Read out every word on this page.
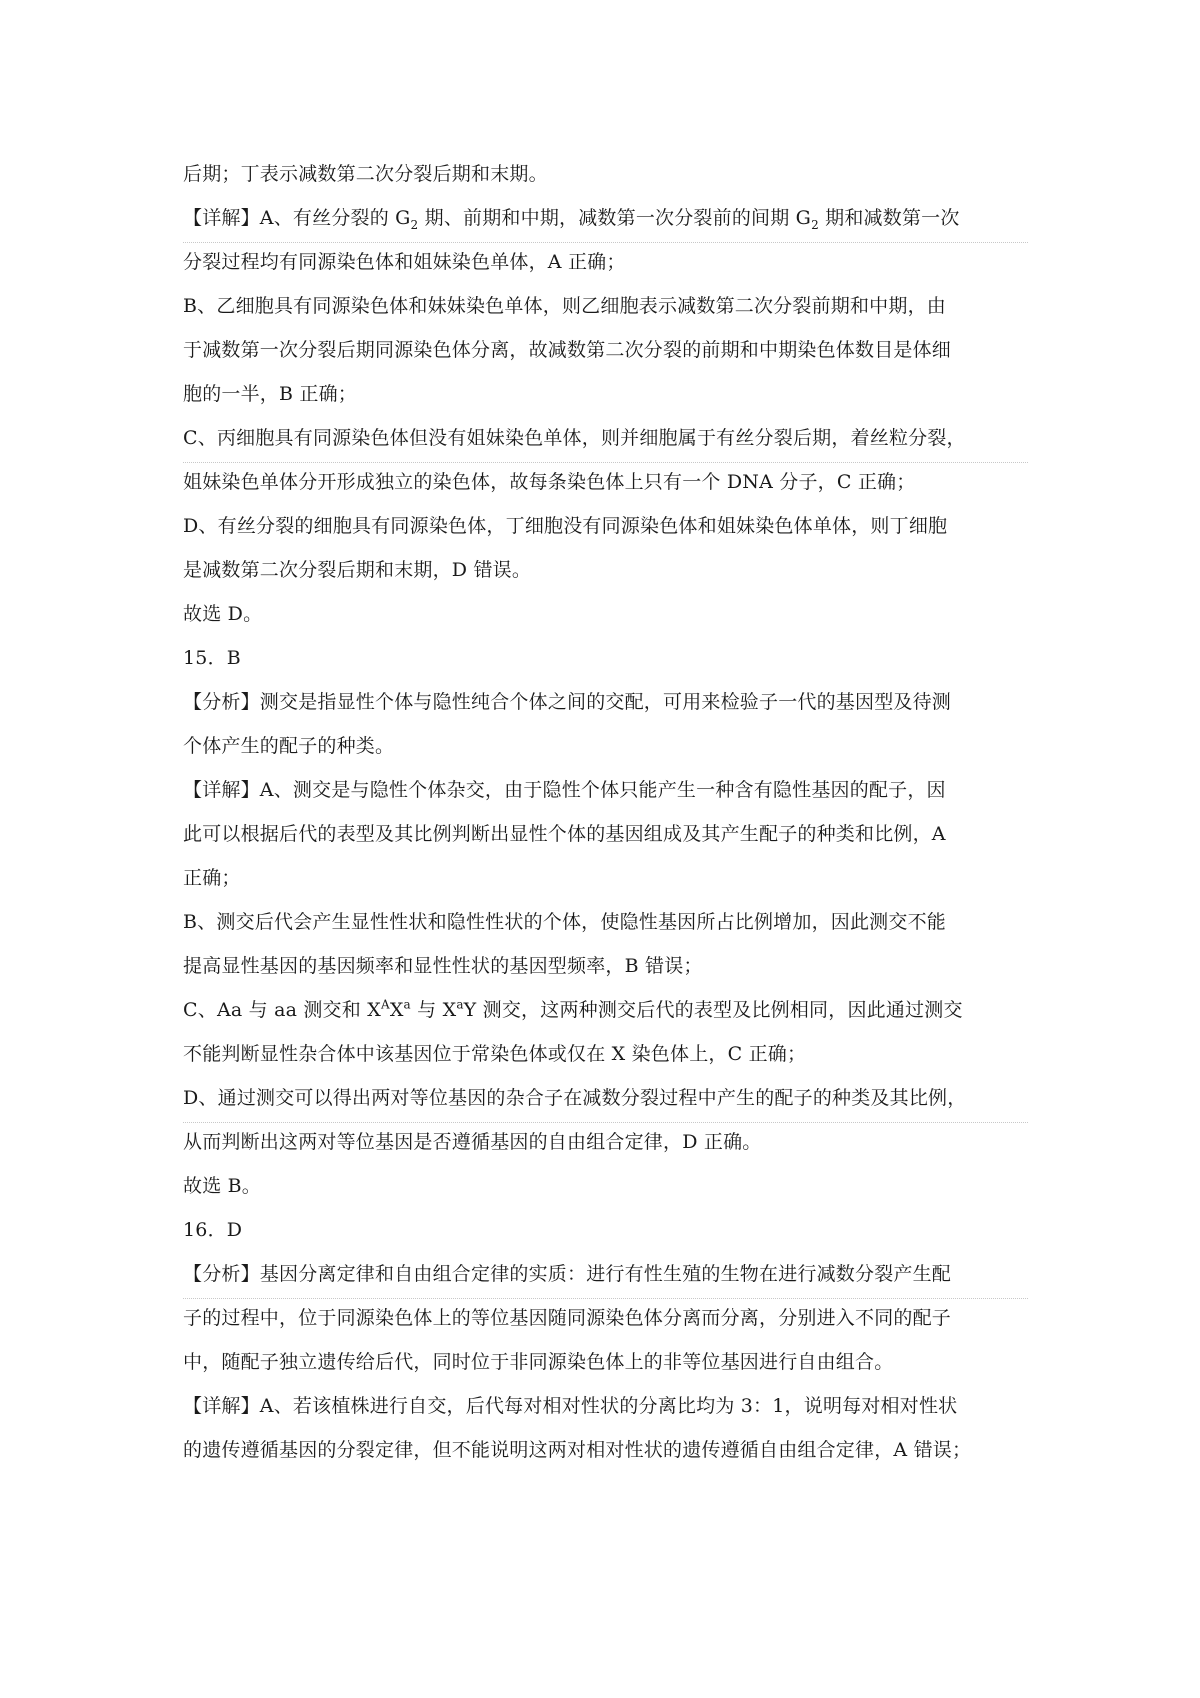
后期；丁表示减数第二次分裂后期和末期。
【详解】A、有丝分裂的 $G_2$ 期、前期和中期，减数第一次分裂前的间期 $G_2$ 期和减数第一次
分裂过程均有同源染色体和姐妹染色单体，A 正确；
B、乙细胞具有同源染色体和妹妹染色单体，则乙细胞表示减数第二次分裂前期和中期，由
于减数第一次分裂后期同源染色体分离，故减数第二次分裂的前期和中期染色体数目是体细
胞的一半，B 正确；
C、丙细胞具有同源染色体但没有姐妹染色单体，则并细胞属于有丝分裂后期，着丝粒分裂，
姐妹染色单体分开形成独立的染色体，故每条染色体上只有一个 DNA 分子，C 正确；
D、有丝分裂的细胞具有同源染色体，丁细胞没有同源染色体和姐妹染色体单体，则丁细胞
是减数第二次分裂后期和末期，D 错误。
故选 D。
15．B
【分析】测交是指显性个体与隐性纯合个体之间的交配，可用来检验子一代的基因型及待测
个体产生的配子的种类。
【详解】A、测交是与隐性个体杂交，由于隐性个体只能产生一种含有隐性基因的配子，因
此可以根据后代的表型及其比例判断出显性个体的基因组成及其产生配子的种类和比例，A
正确；
B、测交后代会产生显性性状和隐性性状的个体，使隐性基因所占比例增加，因此测交不能
提高显性基因的基因频率和显性性状的基因型频率，B 错误；
C、Aa 与 aa 测交和 $X^AX^a$ 与 $X^aY$ 测交，这两种测交后代的表型及比例相同，因此通过测交
不能判断显性杂合体中该基因位于常染色体或仅在 X 染色体上，C 正确；
D、通过测交可以得出两对等位基因的杂合子在减数分裂过程中产生的配子的种类及其比例，
从而判断出这两对等位基因是否遵循基因的自由组合定律，D 正确。
故选 B。
16．D
【分析】基因分离定律和自由组合定律的实质：进行有性生殖的生物在进行减数分裂产生配
子的过程中，位于同源染色体上的等位基因随同源染色体分离而分离，分别进入不同的配子
中，随配子独立遗传给后代，同时位于非同源染色体上的非等位基因进行自由组合。
【详解】A、若该植株进行自交，后代每对相对性状的分离比均为 3：1，说明每对相对性状
的遗传遵循基因的分裂定律，但不能说明这两对相对性状的遗传遵循自由组合定律，A 错误；
